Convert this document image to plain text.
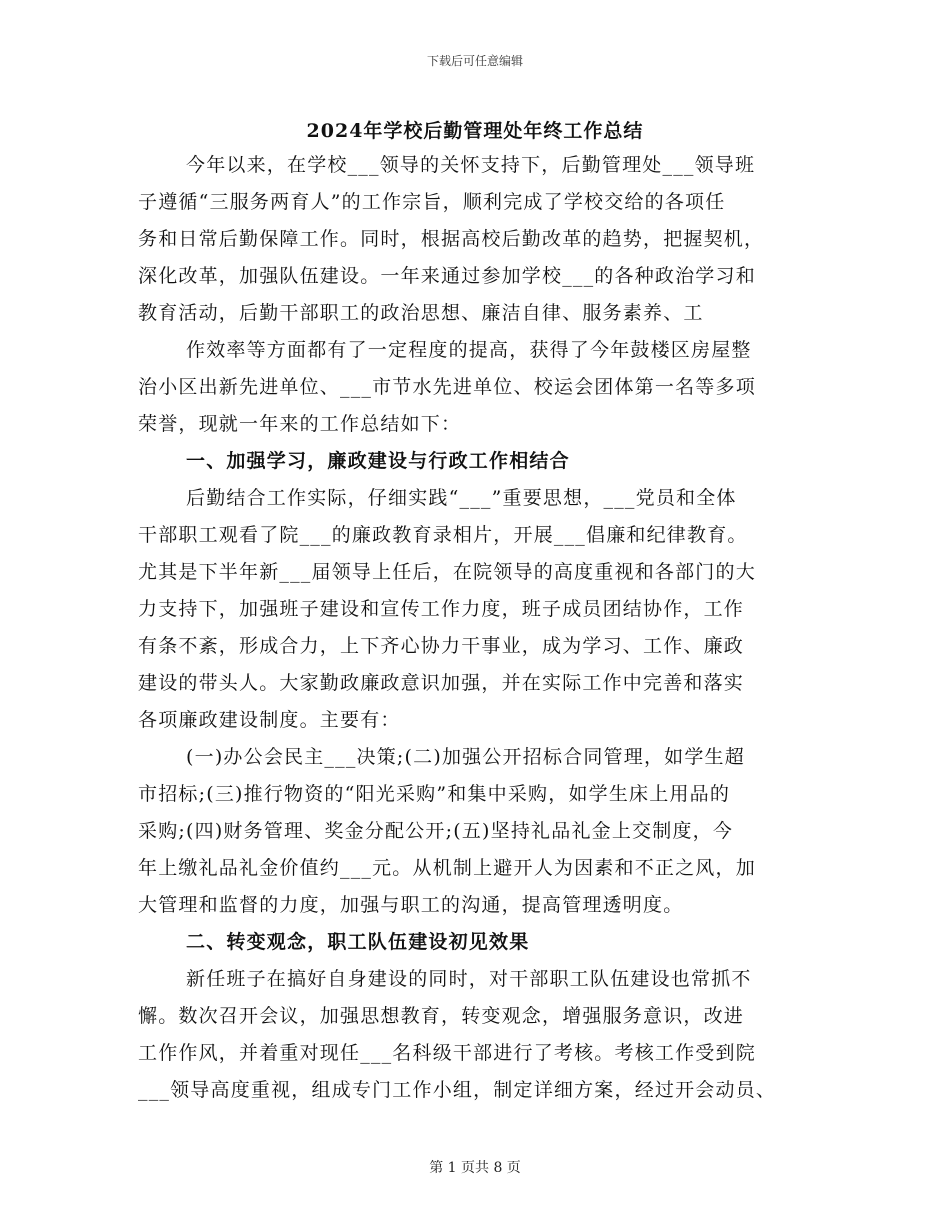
下载后可任意编辑
2024年学校后勤管理处年终工作总结
今年以来，在学校___领导的关怀支持下，后勤管理处___领导班
子遵循“三服务两育人”的工作宗旨，顺利完成了学校交给的各项任
务和日常后勤保障工作。同时，根据高校后勤改革的趋势，把握契机，
深化改革，加强队伍建设。一年来通过参加学校___的各种政治学习和
教育活动，后勤干部职工的政治思想、廉洁自律、服务素养、工
作效率等方面都有了一定程度的提高，获得了今年鼓楼区房屋整
治小区出新先进单位、___市节水先进单位、校运会团体第一名等多项
荣誉，现就一年来的工作总结如下：
一、加强学习，廉政建设与行政工作相结合
后勤结合工作实际，仔细实践“___”重要思想，___党员和全体
干部职工观看了院___的廉政教育录相片，开展___倡廉和纪律教育。
尤其是下半年新___届领导上任后，在院领导的高度重视和各部门的大
力支持下，加强班子建设和宣传工作力度，班子成员团结协作，工作
有条不紊，形成合力，上下齐心协力干事业，成为学习、工作、廉政
建设的带头人。大家勤政廉政意识加强，并在实际工作中完善和落实
各项廉政建设制度。主要有：
(一)办公会民主___决策;(二)加强公开招标合同管理，如学生超
市招标;(三)推行物资的“阳光采购”和集中采购，如学生床上用品的
采购;(四)财务管理、奖金分配公开;(五)坚持礼品礼金上交制度，今
年上缴礼品礼金价值约___元。从机制上避开人为因素和不正之风，加
大管理和监督的力度，加强与职工的沟通，提高管理透明度。
二、转变观念，职工队伍建设初见效果
新任班子在搞好自身建设的同时，对干部职工队伍建设也常抓不
懈。数次召开会议，加强思想教育，转变观念，增强服务意识，改进
工作作风，并着重对现任___名科级干部进行了考核。考核工作受到院
___领导高度重视，组成专门工作小组，制定详细方案，经过开会动员、
第 1 页共 8 页
